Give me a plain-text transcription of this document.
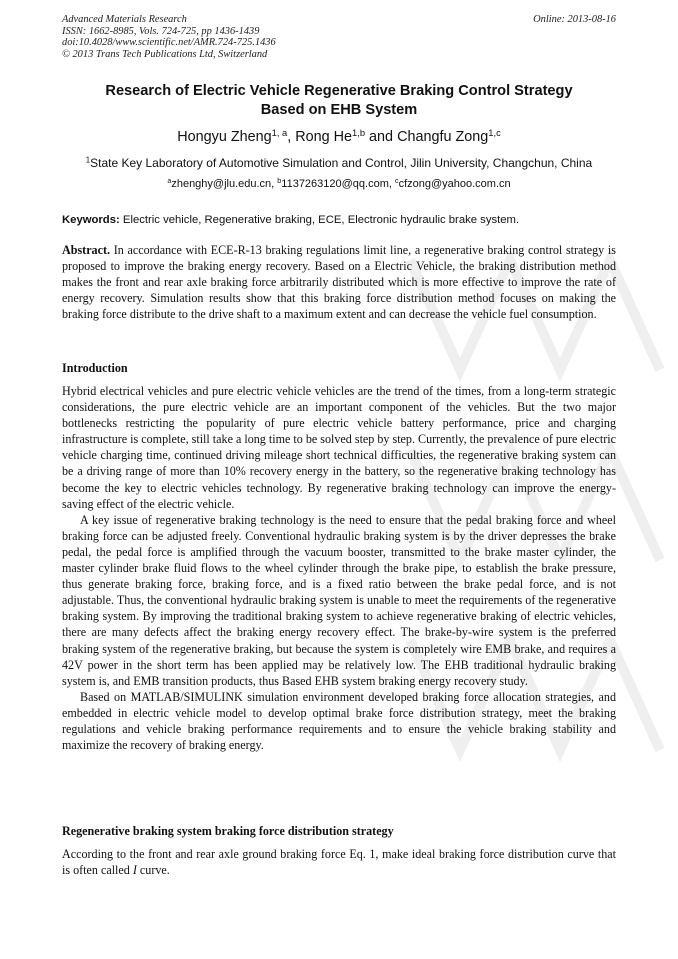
Advanced Materials Research
ISSN: 1662-8985, Vols. 724-725, pp 1436-1439
doi:10.4028/www.scientific.net/AMR.724-725.1436
© 2013 Trans Tech Publications Ltd, Switzerland
Online: 2013-08-16
Research of Electric Vehicle Regenerative Braking Control Strategy
Based on EHB System
Hongyu Zheng$^{1, a}$, Rong He$^{1,b}$ and Changfu Zong$^{1,c}$
$^1$State Key Laboratory of Automotive Simulation and Control, Jilin University, Changchun, China
$^a$zhenghy@jlu.edu.cn, $^b$1137263120@qq.com, $^c$cfzong@yahoo.com.cn
Keywords: Electric vehicle, Regenerative braking, ECE, Electronic hydraulic brake system.

Abstract. In accordance with ECE-R-13 braking regulations limit line, a regenerative braking control strategy is proposed to improve the braking energy recovery. Based on a Electric Vehicle, the braking distribution method makes the front and rear axle braking force arbitrarily distributed which is more effective to improve the rate of energy recovery. Simulation results show that this braking force distribution method focuses on making the braking force distribute to the drive shaft to a maximum extent and can decrease the vehicle fuel consumption.

Introduction

Hybrid electrical vehicles and pure electric vehicle vehicles are the trend of the times, from a long-term strategic considerations, the pure electric vehicle are an important component of the vehicles. But the two major bottlenecks restricting the popularity of pure electric vehicle battery performance, price and charging infrastructure is complete, still take a long time to be solved step by step. Currently, the prevalence of pure electric vehicle charging time, continued driving mileage short technical difficulties, the regenerative braking system can be a driving range of more than 10% recovery energy in the battery, so the regenerative braking technology has become the key to electric vehicles technology. By regenerative braking technology can improve the energy-saving effect of the electric vehicle.

A key issue of regenerative braking technology is the need to ensure that the pedal braking force and wheel braking force can be adjusted freely. Conventional hydraulic braking system is by the driver depresses the brake pedal, the pedal force is amplified through the vacuum booster, transmitted to the brake master cylinder, the master cylinder brake fluid flows to the wheel cylinder through the brake pipe, to establish the brake pressure, thus generate braking force, braking force, and is a fixed ratio between the brake pedal force, and is not adjustable. Thus, the conventional hydraulic braking system is unable to meet the requirements of the regenerative braking system. By improving the traditional braking system to achieve regenerative braking of electric vehicles, there are many defects affect the braking energy recovery effect. The brake-by-wire system is the preferred braking system of the regenerative braking, but because the system is completely wire EMB brake, and requires a 42V power in the short term has been applied may be relatively low. The EHB traditional hydraulic braking system is, and EMB transition products, thus Based EHB system braking energy recovery study.

Based on MATLAB/SIMULINK simulation environment developed braking force allocation strategies, and embedded in electric vehicle model to develop optimal brake force distribution strategy, meet the braking regulations and vehicle braking performance requirements and to ensure the vehicle braking stability and maximize the recovery of braking energy.

Regenerative braking system braking force distribution strategy

According to the front and rear axle ground braking force Eq. 1, make ideal braking force distribution curve that is often called I curve.
